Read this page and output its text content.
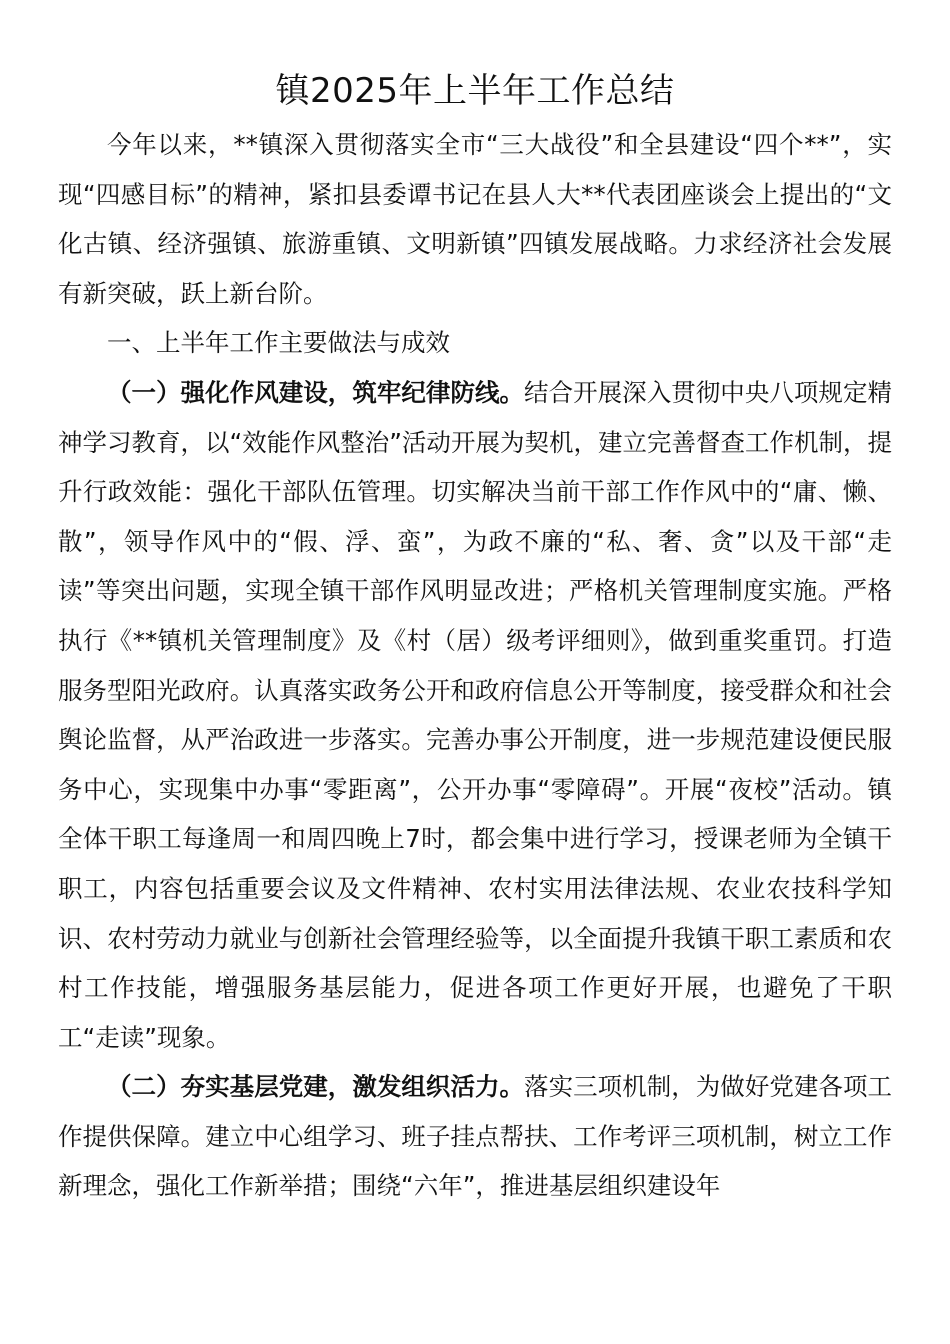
镇2025年上半年工作总结

今年以来，**镇深入贯彻落实全市“三大战役”和全县建设“四个**”，实现“四感目标”的精神，紧扣县委谭书记在县人大**代表团座谈会上提出的“文化古镇、经济强镇、旅游重镇、文明新镇”四镇发展战略。力求经济社会发展有新突破，跃上新台阶。

一、上半年工作主要做法与成效

（一）强化作风建设，筑牢纪律防线。结合开展深入贯彻中央八项规定精神学习教育，以“效能作风整治”活动开展为契机，建立完善督查工作机制，提升行政效能：强化干部队伍管理。切实解决当前干部工作作风中的“庸、懒、散”，领导作风中的“假、浮、蛮”，为政不廉的“私、奢、贪”以及干部“走读”等突出问题，实现全镇干部作风明显改进；严格机关管理制度实施。严格执行《**镇机关管理制度》及《村（居）级考评细则》，做到重奖重罚。打造服务型阳光政府。认真落实政务公开和政府信息公开等制度，接受群众和社会舆论监督，从严治政进一步落实。完善办事公开制度，进一步规范建设便民服务中心，实现集中办事“零距离”，公开办事“零障碍”。开展“夜校”活动。镇全体干职工每逢周一和周四晚上7时，都会集中进行学习，授课老师为全镇干职工，内容包括重要会议及文件精神、农村实用法律法规、农业农技科学知识、农村劳动力就业与创新社会管理经验等，以全面提升我镇干职工素质和农村工作技能，增强服务基层能力，促进各项工作更好开展，也避免了干职工“走读”现象。

（二）夯实基层党建，激发组织活力。落实三项机制，为做好党建各项工作提供保障。建立中心组学习、班子挂点帮扶、工作考评三项机制，树立工作新理念，强化工作新举措；围绕“六年”，推进基层组织建设年
